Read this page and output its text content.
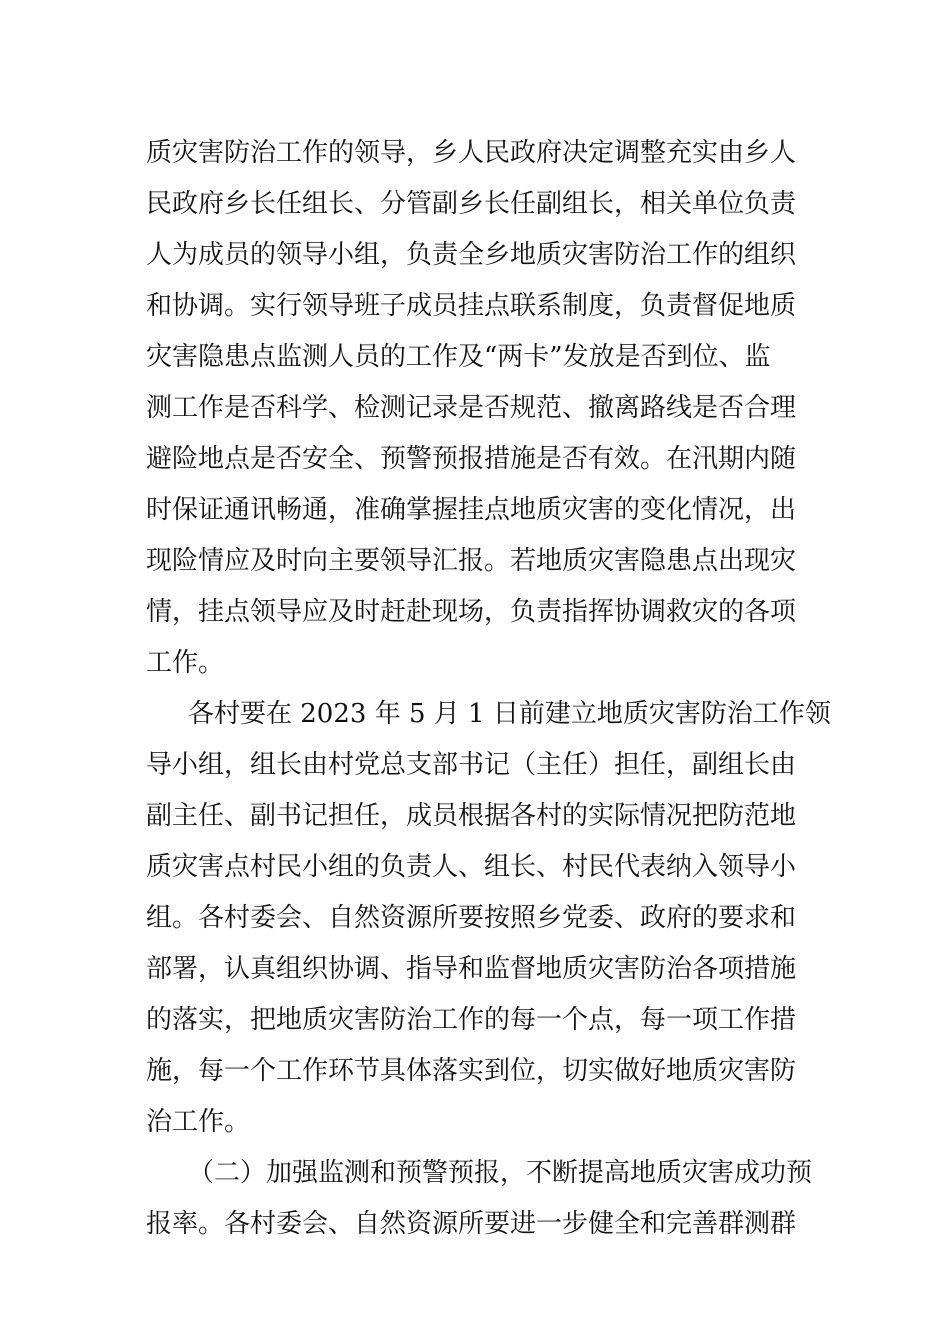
质灾害防治工作的领导，乡人民政府决定调整充实由乡人
民政府乡长任组长、分管副乡长任副组长，相关单位负责
人为成员的领导小组，负责全乡地质灾害防治工作的组织
和协调。实行领导班子成员挂点联系制度，负责督促地质
灾害隐患点监测人员的工作及“两卡”发放是否到位、监
测工作是否科学、检测记录是否规范、撤离路线是否合理
避险地点是否安全、预警预报措施是否有效。在汛期内随
时保证通讯畅通，准确掌握挂点地质灾害的变化情况，出
现险情应及时向主要领导汇报。若地质灾害隐患点出现灾
情，挂点领导应及时赶赴现场，负责指挥协调救灾的各项
工作。
各村要在 2023 年 5 月 1 日前建立地质灾害防治工作领
导小组，组长由村党总支部书记（主任）担任，副组长由
副主任、副书记担任，成员根据各村的实际情况把防范地
质灾害点村民小组的负责人、组长、村民代表纳入领导小
组。各村委会、自然资源所要按照乡党委、政府的要求和
部署，认真组织协调、指导和监督地质灾害防治各项措施
的落实，把地质灾害防治工作的每一个点，每一项工作措
施，每一个工作环节具体落实到位，切实做好地质灾害防
治工作。
（二）加强监测和预警预报，不断提高地质灾害成功预
报率。各村委会、自然资源所要进一步健全和完善群测群
